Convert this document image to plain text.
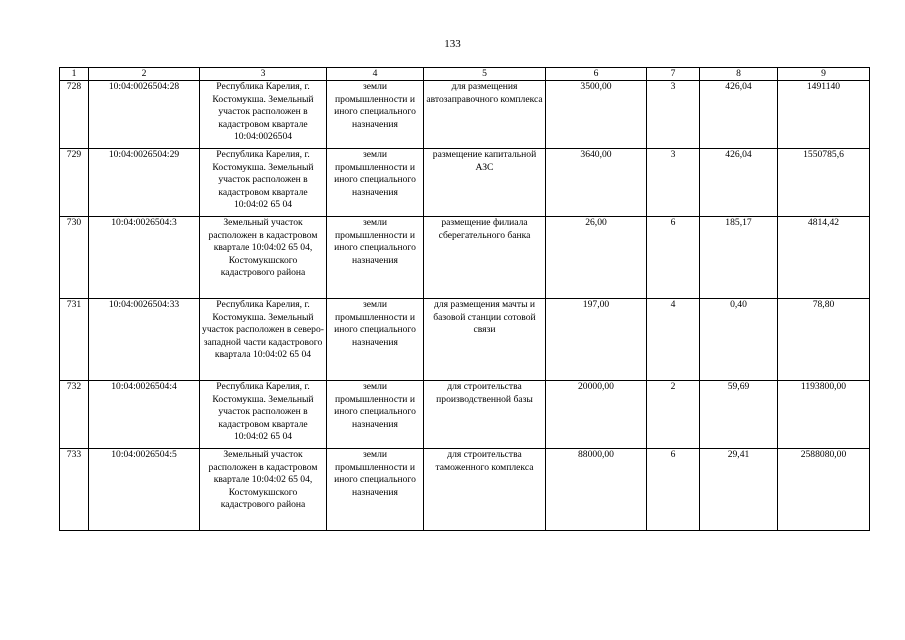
133
1	2	3	4	5	6	7	8	9
728	10:04:0026504:28	Республика Карелия, г. Костомукша. Земельный участок расположен в кадастровом квартале 10:04:0026504	земли промышленности и иного специального назначения	для размещения автозаправочного комплекса	3500,00	3	426,04	1491140
729	10:04:0026504:29	Республика Карелия, г. Костомукша. Земельный участок расположен в кадастровом квартале 10:04:02 65 04	земли промышленности и иного специального назначения	размещение капитальной АЗС	3640,00	3	426,04	1550785,6
730	10:04:0026504:3	Земельный участок расположен в кадастровом квартале 10:04:02 65 04, Костомукшского кадастрового района	земли промышленности и иного специального назначения	размещение филиала сберегательного банка	26,00	6	185,17	4814,42
731	10:04:0026504:33	Республика Карелия, г. Костомукша. Земельный участок расположен в северо-западной части кадастрового квартала 10:04:02 65 04	земли промышленности и иного специального назначения	для размещения мачты и базовой станции сотовой связи	197,00	4	0,40	78,80
732	10:04:0026504:4	Республика Карелия, г. Костомукша. Земельный участок расположен в кадастровом квартале 10:04:02 65 04	земли промышленности и иного специального назначения	для строительства производственной базы	20000,00	2	59,69	1193800,00
733	10:04:0026504:5	Земельный участок расположен в кадастровом квартале 10:04:02 65 04, Костомукшского кадастрового района	земли промышленности и иного специального назначения	для строительства таможенного комплекса	88000,00	6	29,41	2588080,00
